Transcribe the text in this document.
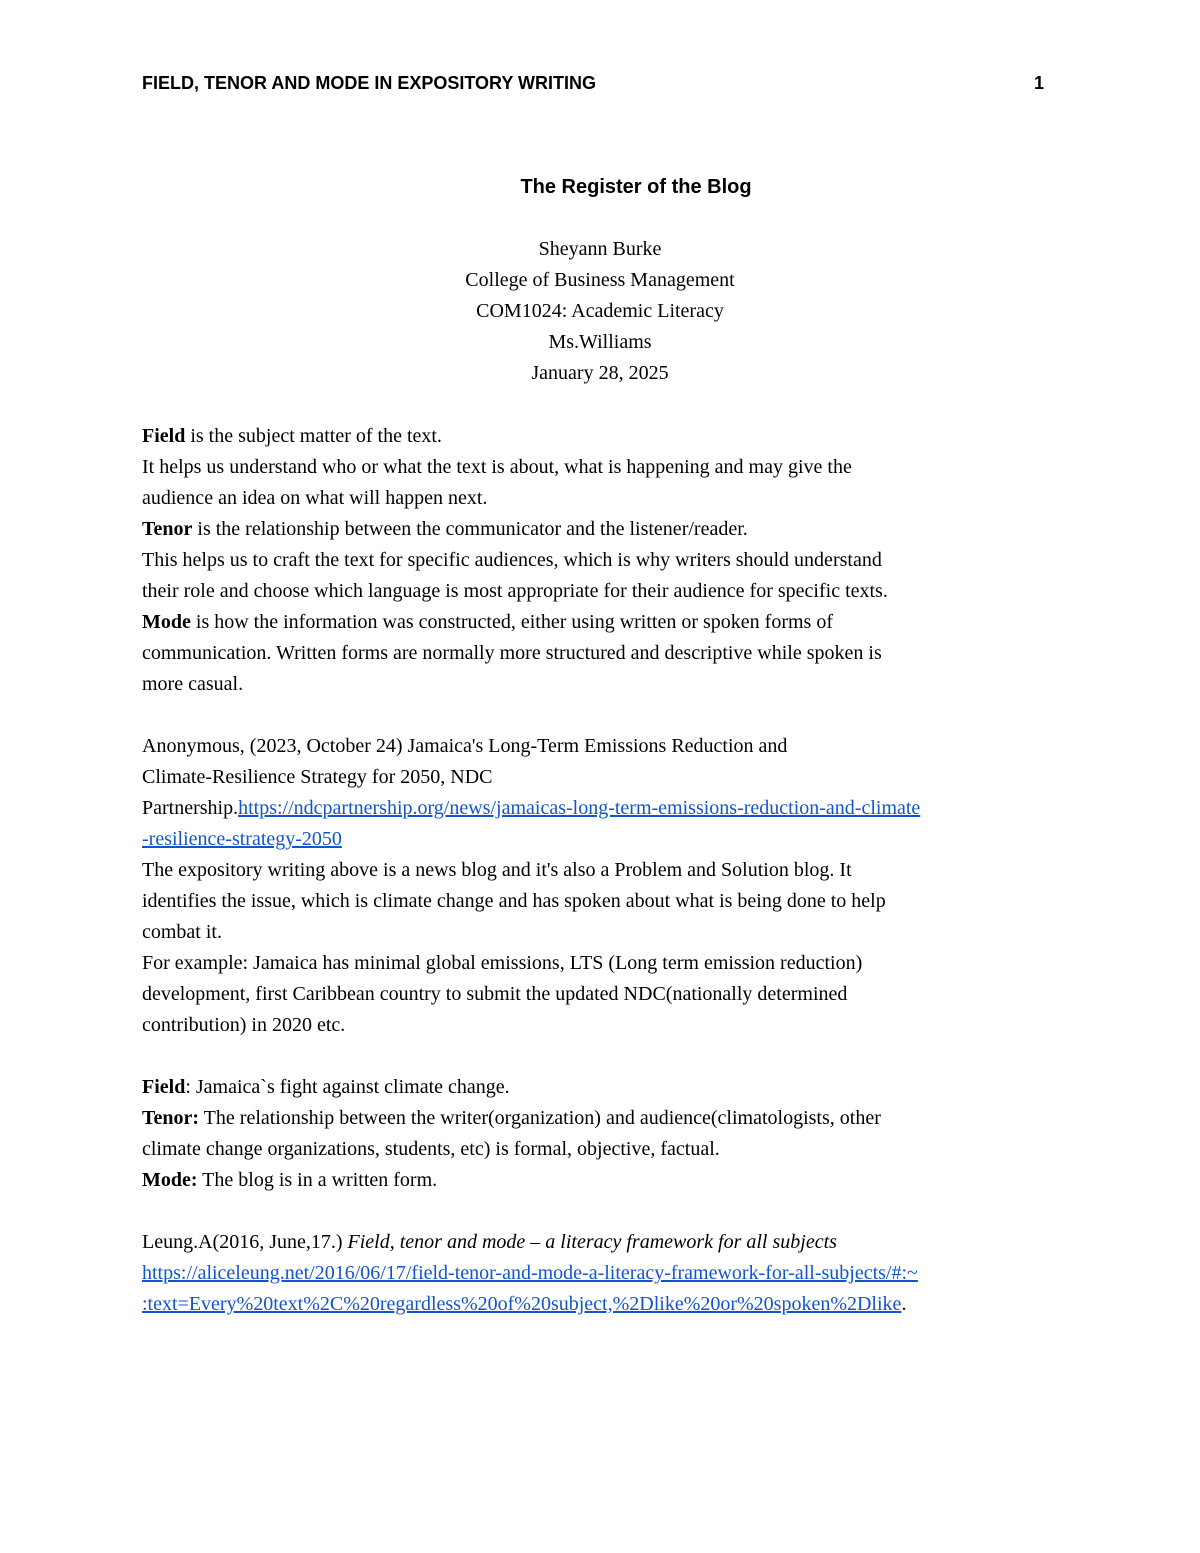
FIELD, TENOR AND MODE IN EXPOSITORY WRITING	1
The Register of the Blog
Sheyann Burke
College of Business Management
COM1024: Academic Literacy
Ms.Williams
January 28, 2025
Field is the subject matter of the text.
It helps us understand who or what the text is about, what is happening and may give the
audience an idea on what will happen next.
Tenor is the relationship between the communicator and the listener/reader.
This helps us to craft the text for specific audiences, which is why writers should understand
their role and choose which language is most appropriate for their audience for specific texts.
Mode is how the information was constructed, either using written or spoken forms of
communication. Written forms are normally more structured and descriptive while spoken is
more casual.
Anonymous, (2023, October 24) Jamaica's Long-Term Emissions Reduction and
Climate-Resilience Strategy for 2050, NDC
Partnership.https://ndcpartnership.org/news/jamaicas-long-term-emissions-reduction-and-climate
-resilience-strategy-2050
The expository writing above is a news blog and it's also a Problem and Solution blog. It
identifies the issue, which is climate change and has spoken about what is being done to help
combat it.
For example: Jamaica has minimal global emissions, LTS (Long term emission reduction)
development, first Caribbean country to submit the updated NDC(nationally determined
contribution) in 2020 etc.
Field: Jamaica`s fight against climate change.
Tenor: The relationship between the writer(organization) and audience(climatologists, other
climate change organizations, students, etc) is formal, objective, factual.
Mode: The blog is in a written form.
Leung.A(2016, June,17.) Field, tenor and mode – a literacy framework for all subjects
https://aliceleung.net/2016/06/17/field-tenor-and-mode-a-literacy-framework-for-all-subjects/#:~
:text=Every%20text%2C%20regardless%20of%20subject,%2Dlike%20or%20spoken%2Dlike.
